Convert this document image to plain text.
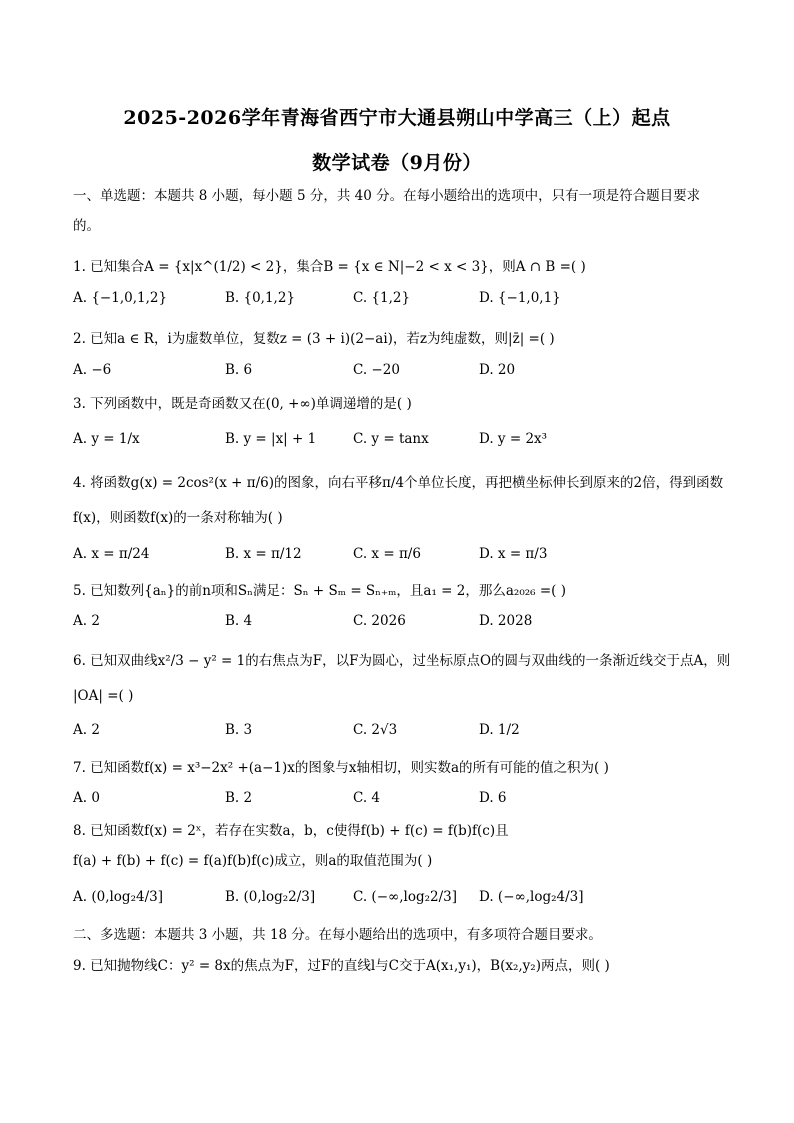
2025-2026学年青海省西宁市大通县朔山中学高三（上）起点
数学试卷（9月份）
一、单选题：本题共 8 小题，每小题 5 分，共 40 分。在每小题给出的选项中，只有一项是符合题目要求
的。
1. 已知集合A = {x|x^(1/2) < 2}，集合B = {x ∈ N|−2 < x < 3}，则A ∩ B =( )
A. {−1,0,1,2}	B. {0,1,2}	C. {1,2}	D. {−1,0,1}
2. 已知a ∈ R，i为虚数单位，复数z = (3 + i)(2−ai)，若z为纯虚数，则|z̄| =( )
A. −6	B. 6	C. −20	D. 20
3. 下列函数中，既是奇函数又在(0, +∞)单调递增的是( )
A. y = 1/x	B. y = |x| + 1	C. y = tanx	D. y = 2x³
4. 将函数g(x) = 2cos²(x + π/6)的图象，向右平移π/4个单位长度，再把横坐标伸长到原来的2倍，得到函数
f(x)，则函数f(x)的一条对称轴为( )
A. x = π/24	B. x = π/12	C. x = π/6	D. x = π/3
5. 已知数列{aₙ}的前n项和Sₙ满足：Sₙ + Sₘ = Sₙ₊ₘ，且a₁ = 2，那么a₂₀₂₆ =( )
A. 2	B. 4	C. 2026	D. 2028
6. 已知双曲线x²/3 − y² = 1的右焦点为F，以F为圆心，过坐标原点O的圆与双曲线的一条渐近线交于点A，则
|OA| =( )
A. 2	B. 3	C. 2√3	D. 1/2
7. 已知函数f(x) = x³−2x² +(a−1)x的图象与x轴相切，则实数a的所有可能的值之积为( )
A. 0	B. 2	C. 4	D. 6
8. 已知函数f(x) = 2ˣ，若存在实数a，b，c使得f(b) + f(c) = f(b)f(c)且
f(a) + f(b) + f(c) = f(a)f(b)f(c)成立，则a的取值范围为( )
A. (0,log₂4/3]	B. (0,log₂2/3]	C. (−∞,log₂2/3] D. (−∞,log₂4/3]
二、多选题：本题共 3 小题，共 18 分。在每小题给出的选项中，有多项符合题目要求。
9. 已知抛物线C：y² = 8x的焦点为F，过F的直线l与C交于A(x₁,y₁)，B(x₂,y₂)两点，则( )
